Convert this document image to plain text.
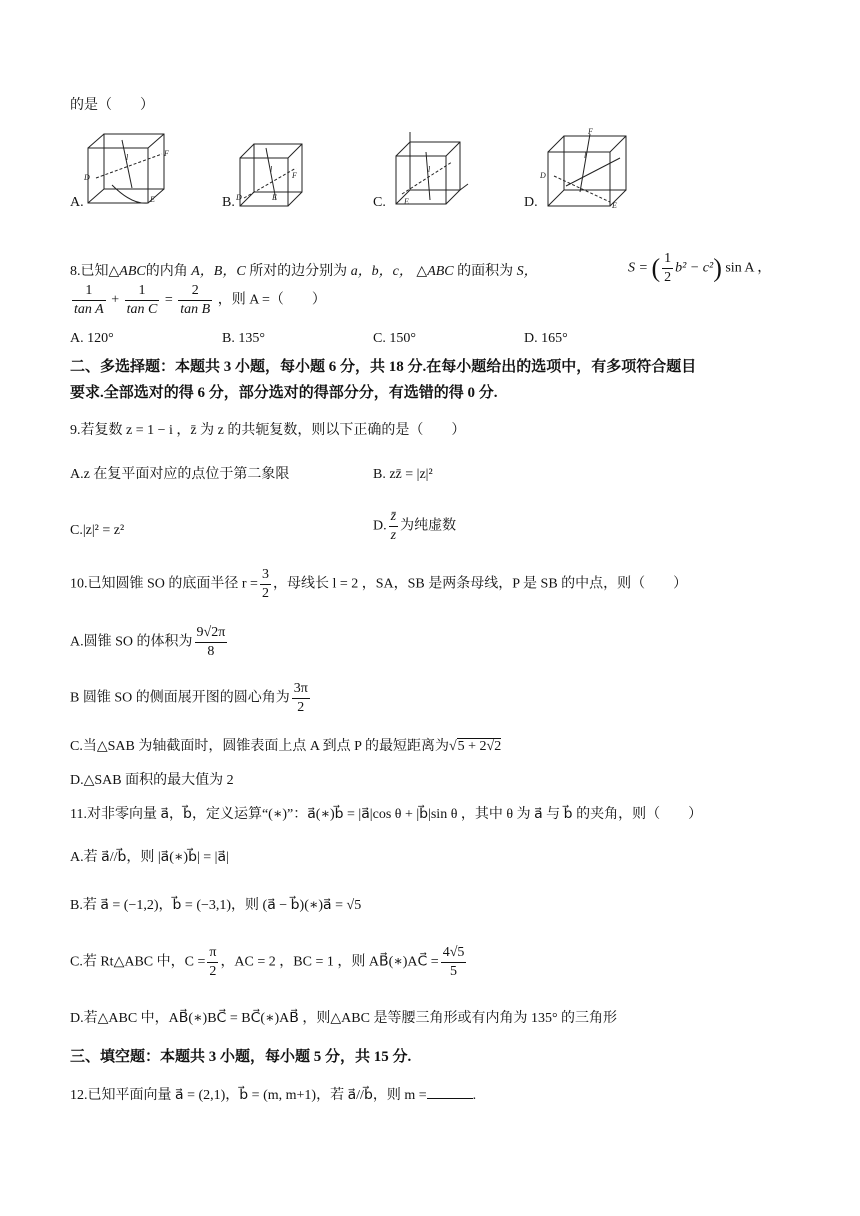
的是（　　）
D
E
F
l
A.	D	E
F
l
B.	E
l
C.
D
E
F
l
D.
8.已知△ABC的内角 A，B，C 所对的边分别为 a，b，c， △ABC 的面积为 S，	S = ( $\frac{1}{2} b^2 - c^2$) sin A ，
$\frac{1}{\text{tan A}} + \frac{1}{\text{tan C}} = \frac{2}{\text{tan B}}$ ，则 A =（　　）
A. 120°	B. 135°	C. 150°	D. 165°
二、多选择题：本题共 3 小题，每小题 6 分，共 18 分.在每小题给出的选项中，有多项符合题目
要求.全部选对的得 6 分，部分选对的得部分分，有选错的得 0 分.
9.若复数 z = 1 − i ，z̄ 为 z 的共轭复数，则以下正确的是（　　）
A.z 在复平面对应的点位于第二象限	B. zz̄ = |z|²
C.|z|² = z²	D. $\frac{z̄}{z}$ 为纯虚数
10.已知圆锥 SO 的底面半径 $r = \frac{3}{2}$ ，母线长 l = 2 ，SA，SB 是两条母线，P 是 SB 的中点，则（　　）
A.圆锥 SO 的体积为 $\frac{9√2\pi}{8}$
B 圆锥 SO 的侧面展开图的圆心角为 $\frac{3\pi}{2}$
C.当△SAB 为轴截面时，圆锥表面上点 A 到点 P 的最短距离为√5 + 2√2
D.△SAB 面积的最大值为 2
11.对非零向量 a⃗，b⃗，定义运算“(∗)”：a⃗(∗)b⃗ = |a⃗|cos θ + |b⃗|sin θ ，其中 θ 为 a⃗ 与 b⃗ 的夹角，则（　　）
A.若 a⃗//b⃗，则 |a⃗(∗)b⃗| = |a⃗|
B.若 a⃗ = (−1,2)，b⃗ = (−3,1)，则 (a⃗ − b⃗)(∗)a⃗ = √5
C.若 Rt△ABC 中，$C = \frac{\pi}{2}$ ，AC = 2 ，BC = 1 ，则 AB⃗(∗)AC⃗ = $\frac{4√5}{5}$
D.若△ABC 中，AB⃗(∗)BC⃗ = BC⃗(∗)AB⃗ ，则△ABC 是等腰三角形或有内角为 135° 的三角形
三、填空题：本题共 3 小题，每小题 5 分，共 15 分.
12.已知平面向量 a⃗ = (2,1)，b⃗ = (m, m+1)，若 a⃗//b⃗，则 m =	.
